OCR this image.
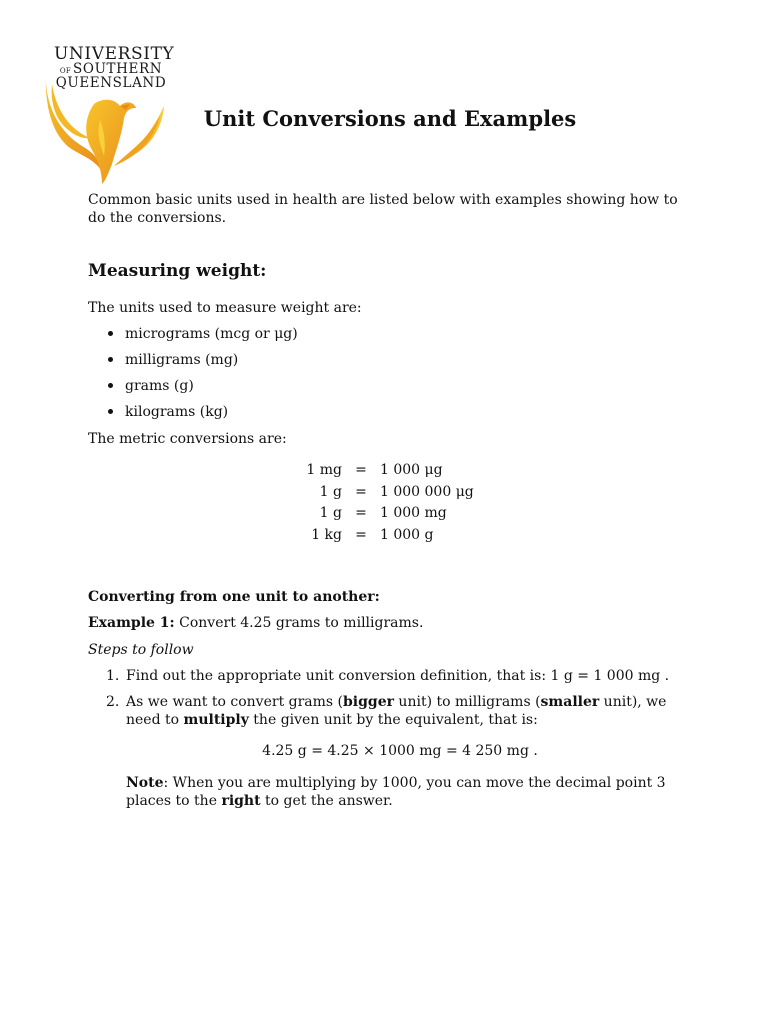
UNIVERSITY
OF SOUTHERN
QUEENSLAND
Unit Conversions and Examples

Common basic units used in health are listed below with examples showing how to do the conversions.

Measuring weight:

The units used to measure weight are:

micrograms (mcg or μg)
milligrams (mg)
grams (g)
kilograms (kg)

The metric conversions are:

1 mg	=	1 000 μg
1 g	=	1 000 000 μg
1 g	=	1 000 mg
1 kg	=	1 000 g

Converting from one unit to another:

Example 1: Convert 4.25 grams to milligrams.

Steps to follow

1. Find out the appropriate unit conversion definition, that is: 1 g = 1 000 mg .
2. As we want to convert grams (bigger unit) to milligrams (smaller unit), we need to multiply the given unit by the equivalent, that is:

4.25 g = 4.25 × 1000 mg = 4 250 mg .

Note: When you are multiplying by 1000, you can move the decimal point 3 places to the right to get the answer.
